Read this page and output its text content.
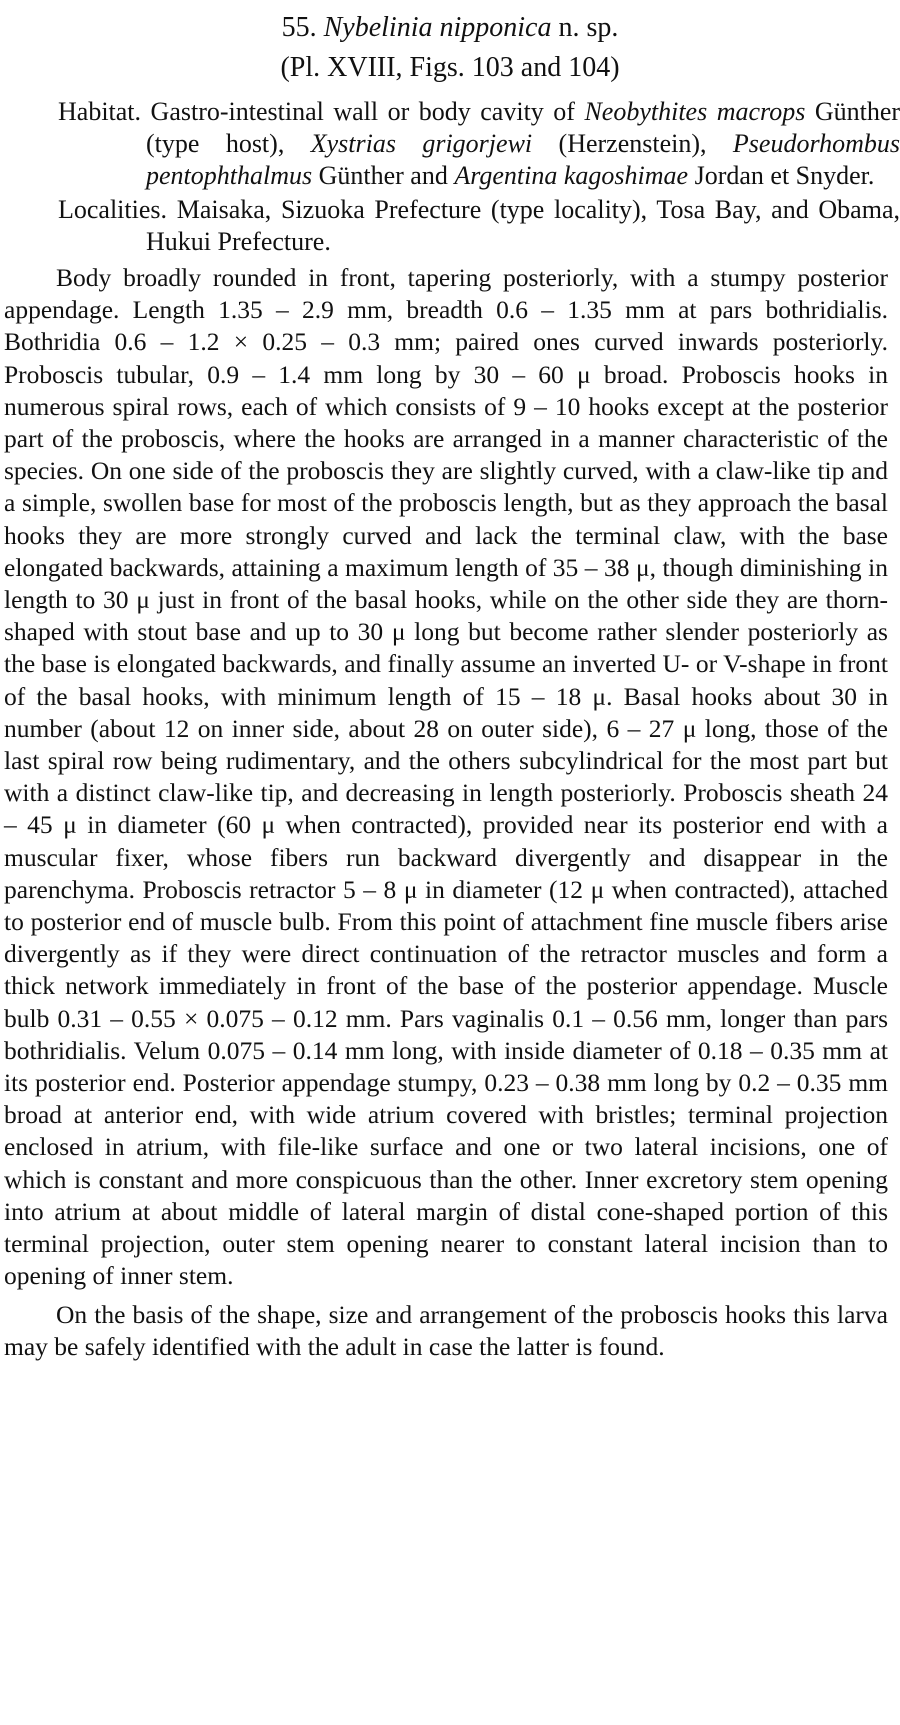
55. Nybelinia nipponica n. sp.
(Pl. XVIII, Figs. 103 and 104)

Habitat. Gastro-intestinal wall or body cavity of Neobythites macrops Günther (type host), Xystrias grigorjewi (Herzenstein), Pseudorhombus pentophthalmus Günther and Argentina kagoshimae Jordan et Snyder.

Localities. Maisaka, Sizuoka Prefecture (type locality), Tosa Bay, and Obama, Hukui Prefecture.

Body broadly rounded in front, tapering posteriorly, with a stumpy posterior appendage. Length 1.35 – 2.9 mm, breadth 0.6 – 1.35 mm at pars bothridialis. Bothridia 0.6 – 1.2 × 0.25 – 0.3 mm; paired ones curved inwards posteriorly. Proboscis tubular, 0.9 – 1.4 mm long by 30 – 60 μ broad. Proboscis hooks in numerous spiral rows, each of which consists of 9 – 10 hooks except at the posterior part of the proboscis, where the hooks are arranged in a manner characteristic of the species. On one side of the proboscis they are slightly curved, with a claw-like tip and a simple, swollen base for most of the proboscis length, but as they approach the basal hooks they are more strongly curved and lack the terminal claw, with the base elongated backwards, attaining a maximum length of 35 – 38 μ, though diminishing in length to 30 μ just in front of the basal hooks, while on the other side they are thorn-shaped with stout base and up to 30 μ long but become rather slender posteriorly as the base is elongated backwards, and finally assume an inverted U- or V-shape in front of the basal hooks, with minimum length of 15 – 18 μ. Basal hooks about 30 in number (about 12 on inner side, about 28 on outer side), 6 – 27 μ long, those of the last spiral row being rudimentary, and the others subcylindrical for the most part but with a distinct claw-like tip, and decreasing in length posteriorly. Proboscis sheath 24 – 45 μ in diameter (60 μ when contracted), provided near its posterior end with a muscular fixer, whose fibers run backward divergently and disappear in the parenchyma. Proboscis retractor 5 – 8 μ in diameter (12 μ when contracted), attached to posterior end of muscle bulb. From this point of attachment fine muscle fibers arise divergently as if they were direct continuation of the retractor muscles and form a thick network immediately in front of the base of the posterior appendage. Muscle bulb 0.31 – 0.55 × 0.075 – 0.12 mm. Pars vaginalis 0.1 – 0.56 mm, longer than pars bothridialis. Velum 0.075 – 0.14 mm long, with inside diameter of 0.18 – 0.35 mm at its posterior end. Posterior appendage stumpy, 0.23 – 0.38 mm long by 0.2 – 0.35 mm broad at anterior end, with wide atrium covered with bristles; terminal projection enclosed in atrium, with file-like surface and one or two lateral incisions, one of which is constant and more conspicuous than the other. Inner excretory stem opening into atrium at about middle of lateral margin of distal cone-shaped portion of this terminal projection, outer stem opening nearer to constant lateral incision than to opening of inner stem.

On the basis of the shape, size and arrangement of the proboscis hooks this larva may be safely identified with the adult in case the latter is found.
